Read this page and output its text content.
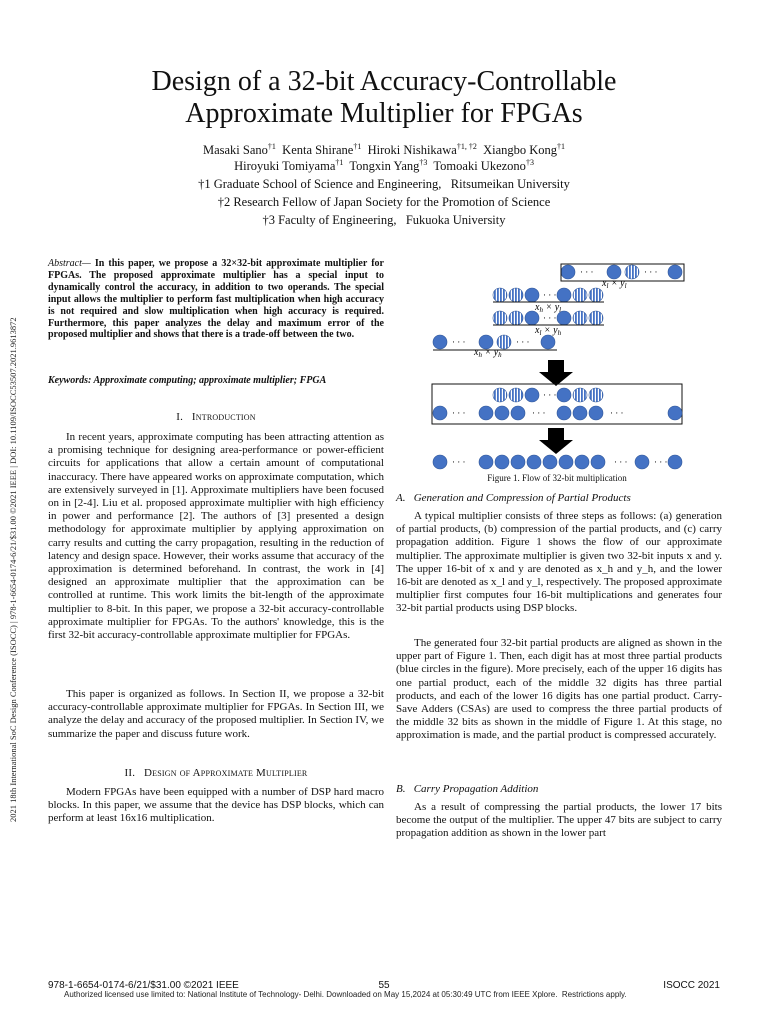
Design of a 32-bit Accuracy-Controllable
Approximate Multiplier for FPGAs
Masaki Sano$^{\dagger 1}$ Kenta Shirane$^{\dagger 1}$ Hiroki Nishikawa$^{\dagger 1, \dagger 2}$ Xiangbo Kong$^{\dagger 1}$
Hiroyuki Tomiyama$^{\dagger 1}$ Tongxin Yang$^{\dagger 3}$ Tomoaki Ukezono$^{\dagger 3}$
†1 Graduate School of Science and Engineering,   Ritsumeikan University
†2 Research Fellow of Japan Society for the Promotion of Science
†3 Faculty of Engineering,   Fukuoka University
2021 18th International SoC Design Conference (ISOCC) | 978-1-6654-0174-6/21/$31.00 ©2021 IEEE | DOI: 10.1109/ISOCC53507.2021.9613872
Abstract— In this paper, we propose a 32×32-bit approximate multiplier for FPGAs. The proposed approximate multiplier has a special input to dynamically control the accuracy, in addition to two operands. The special input allows the multiplier to perform fast multiplication when high accuracy is not required and slow multiplication when high accuracy is required. Furthermore, this paper analyzes the delay and maximum error of the proposed multiplier and shows that there is a trade-off between the two.
Keywords: Approximate computing; approximate multiplier; FPGA
I.   Introduction

In recent years, approximate computing has been attracting attention as a promising technique for designing area-performance or power-efficient circuits for applications that allow a certain amount of computational inaccuracy. There have appeared works on approximate computation, which are extensively surveyed in [1]. Approximate multipliers have been focused on in [2-4]. Liu et al. proposed approximate multiplier with high efficiency in power and performance [2]. The authors of [3] presented a design methodology for approximate multiplier by applying approximation on carry results and cutting the carry propagation, resulting in the reduction of latency and design space. However, their works assume that accuracy of the approximation is determined beforehand. In contrast, the work in [4] designed an approximate multiplier that the approximation can be controlled at runtime. This work limits the bit-length of the approximate multiplier to 8-bit. In this paper, we propose a 32-bit accuracy-controllable approximate multiplier for FPGAs. To the authors' knowledge, this is the first 32-bit accuracy-controllable approximate multiplier for FPGAs.

This paper is organized as follows. In Section II, we propose a 32-bit accuracy-controllable approximate multiplier for FPGAs. In Section III, we analyze the delay and accuracy of the proposed multiplier. In Section IV, we summarize the paper and discuss future work.

II.   Design of Approximate Multiplier

Modern FPGAs have been equipped with a number of DSP hard macro blocks. In this paper, we assume that the device has DSP blocks, which can perform at least 16x16 multiplication.

· · ·	· · ·
· · ·
· · ·
· · ·	· · ·
· · ·
· · ·	· · ·	· · ·
· · ·	· · ·	· · ·
$x_l \times y_l$
$x_h \times y_l$
$x_l \times y_h$
$x_h \times y_h$
Figure 1. Flow of 32-bit multiplication
A.   Generation and Compression of Partial Products

A typical multiplier consists of three steps as follows: (a) generation of partial products, (b) compression of the partial products, and (c) carry propagation addition. Figure 1 shows the flow of our approximate multiplier. The approximate multiplier is given two 32-bit inputs x and y. The upper 16-bit of x and y are denoted as x_h and y_h, and the lower 16-bit are denoted as x_l and y_l, respectively. The proposed approximate multiplier first computes four 16-bit multiplications and generates four 32-bit partial products using DSP blocks.

The generated four 32-bit partial products are aligned as shown in the upper part of Figure 1. Then, each digit has at most three partial products (blue circles in the figure). More precisely, each of the upper 16 digits has one partial product, each of the middle 32 digits has three partial products, and each of the lower 16 digits has one partial product. Carry-Save Adders (CSAs) are used to compress the three partial products of the middle 32 bits as shown in the middle of Figure 1. At this stage, no approximation is made, and the partial product is compressed accurately.

B.   Carry Propagation Addition

As a result of compressing the partial products, the lower 17 bits become the output of the multiplier. The upper 47 bits are subject to carry propagation addition as shown in the lower part

978-1-6654-0174-6/21/$31.00 ©2021 IEEE	55	ISOCC 2021
Authorized licensed use limited to: National Institute of Technology- Delhi. Downloaded on May 15,2024 at 05:30:49 UTC from IEEE Xplore.  Restrictions apply.
